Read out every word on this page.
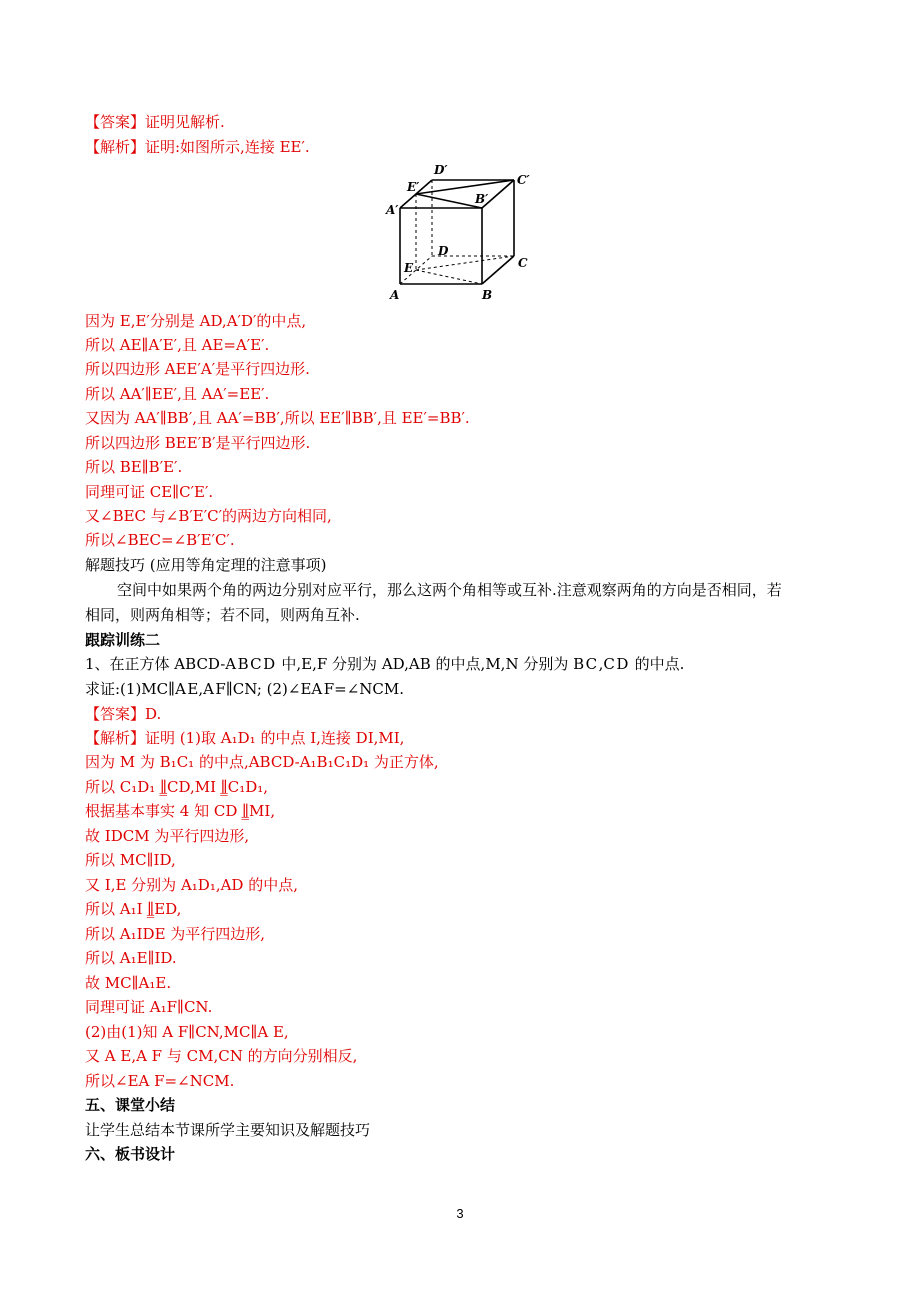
【答案】证明见解析.
【解析】证明:如图所示,连接 EE′.
D′
C′
E′
B′
A′
D
C
E
A	B
因为 E,E′分别是 AD,A′D′的中点,
所以 AE∥A′E′,且 AE=A′E′.
所以四边形 AEE′A′是平行四边形.
所以 AA′∥EE′,且 AA′=EE′.
又因为 AA′∥BB′,且 AA′=BB′,所以 EE′∥BB′,且 EE′=BB′.
所以四边形 BEE′B′是平行四边形.
所以 BE∥B′E′.
同理可证 CE∥C′E′.
又∠BEC 与∠B′E′C′的两边方向相同,
所以∠BEC=∠B′E′C′.
解题技巧 (应用等角定理的注意事项)
空间中如果两个角的两边分别对应平行，那么这两个角相等或互补.注意观察两角的方向是否相同，若
相同，则两角相等；若不同，则两角互补.
跟踪训练二
1、在正方体 ABCD-A B C D  中,E,F 分别为 AD,AB 的中点,M,N 分别为 B C ,C D  的中点.
求证:(1)MC∥A E,A F∥CN; (2)∠EA F=∠NCM.
【答案】D.
【解析】证明 (1)取 A₁D₁ 的中点 I,连接 DI,MI,
因为 M 为 B₁C₁ 的中点,ABCD-A₁B₁C₁D₁ 为正方体,
所以 C₁D₁ ∥̳CD,MI ∥̳C₁D₁,
根据基本事实 4 知 CD ∥̳MI,
故 IDCM 为平行四边形,
所以 MC∥ID,
又 I,E 分别为 A₁D₁,AD 的中点,
所以 A₁I ∥̳ED,
所以 A₁IDE 为平行四边形,
所以 A₁E∥ID.
故 MC∥A₁E.
同理可证 A₁F∥CN.
(2)由(1)知 A F∥CN,MC∥A E,
又 A E,A F 与 CM,CN 的方向分别相反,
所以∠EA F=∠NCM.
五、课堂小结
让学生总结本节课所学主要知识及解题技巧
六、板书设计
3
